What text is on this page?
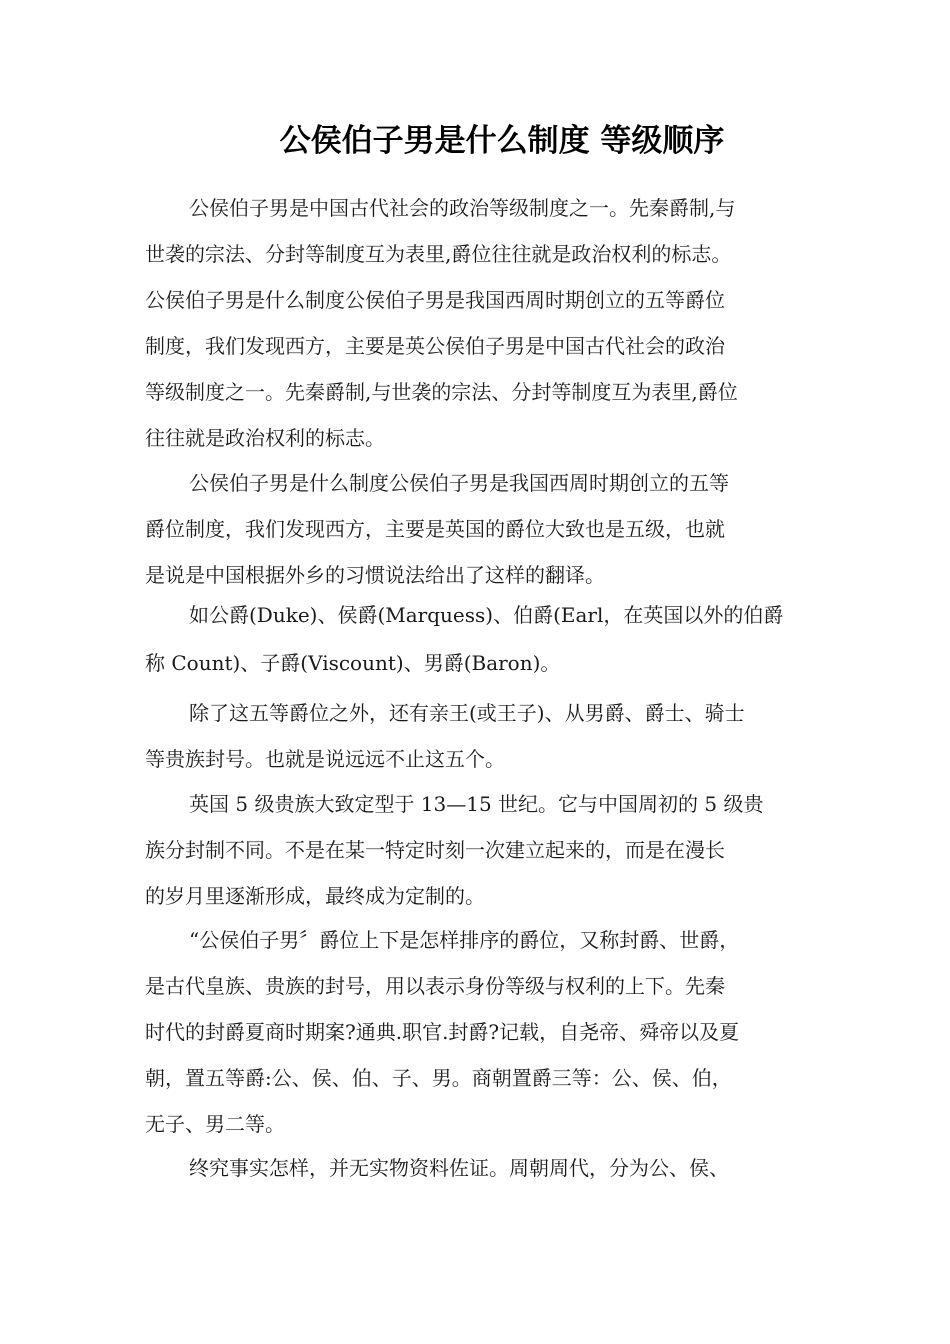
公侯伯子男是什么制度 等级顺序
公侯伯子男是中国古代社会的政治等级制度之一。先秦爵制,与
世袭的宗法、分封等制度互为表里,爵位往往就是政治权利的标志。
公侯伯子男是什么制度公侯伯子男是我国西周时期创立的五等爵位
制度，我们发现西方，主要是英公侯伯子男是中国古代社会的政治
等级制度之一。先秦爵制,与世袭的宗法、分封等制度互为表里,爵位
往往就是政治权利的标志。
公侯伯子男是什么制度公侯伯子男是我国西周时期创立的五等
爵位制度，我们发现西方，主要是英国的爵位大致也是五级，也就
是说是中国根据外乡的习惯说法给出了这样的翻译。
如公爵(Duke)、侯爵(Marquess)、伯爵(Earl，在英国以外的伯爵
称 Count)、子爵(Viscount)、男爵(Baron)。
除了这五等爵位之外，还有亲王(或王子)、从男爵、爵士、骑士
等贵族封号。也就是说远远不止这五个。
英国 5 级贵族大致定型于 13—15 世纪。它与中国周初的 5 级贵
族分封制不同。不是在某一特定时刻一次建立起来的，而是在漫长
的岁月里逐渐形成，最终成为定制的。
“公侯伯子男〞爵位上下是怎样排序的爵位，又称封爵、世爵，
是古代皇族、贵族的封号，用以表示身份等级与权利的上下。先秦
时代的封爵夏商时期案?通典.职官.封爵?记载，自尧帝、舜帝以及夏
朝，置五等爵:公、侯、伯、子、男。商朝置爵三等：公、侯、伯，
无子、男二等。
终究事实怎样，并无实物资料佐证。周朝周代，分为公、侯、
